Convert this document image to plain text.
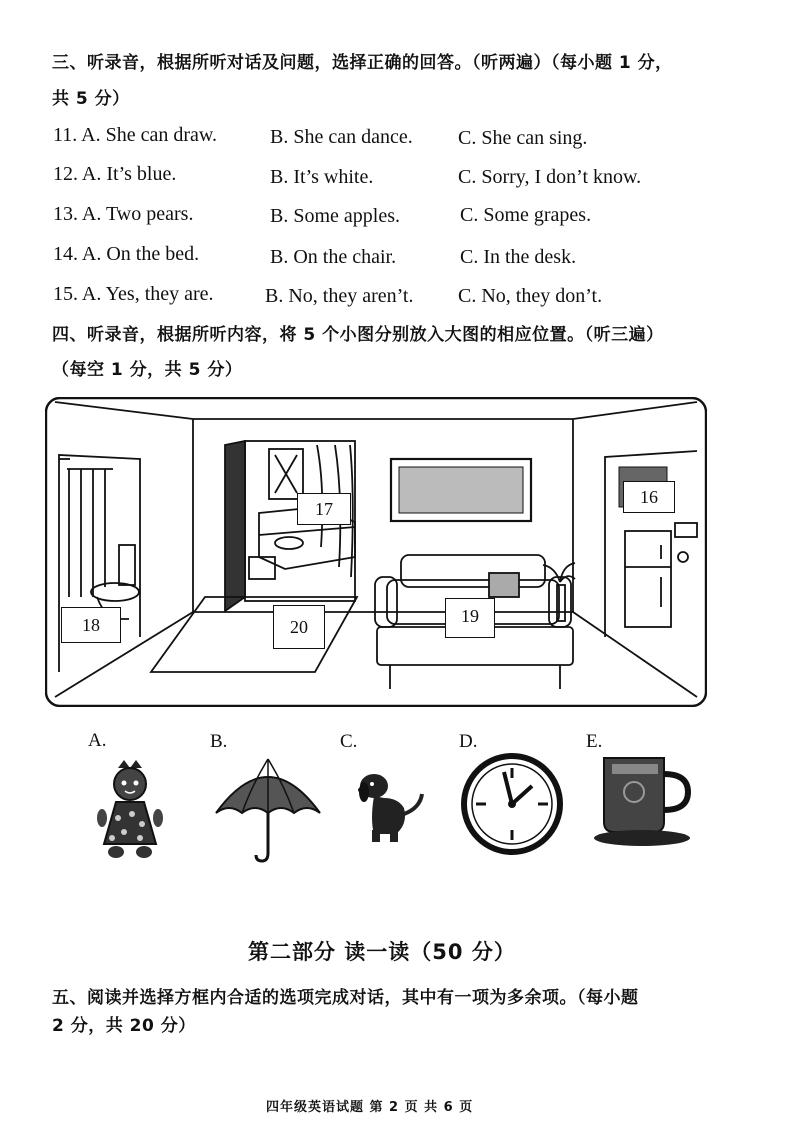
三、听录音，根据所听对话及问题，选择正确的回答。（听两遍）（每小题 1 分，
共 5 分）
11. A. She can draw.	B. She can dance. C. She can sing.
12. A. It’s blue.	B. It’s white.	C. Sorry, I don’t know.
13. A. Two pears.	B. Some apples.	C. Some grapes.
14. A. On the bed.	B. On the chair.	C. In the desk.
15. A. Yes, they are.	B. No, they aren’t. C. No, they don’t.
四、听录音，根据所听内容，将 5 个小图分别放入大图的相应位置。（听三遍）
（每空 1 分，共 5 分）
16
17
18	19
20
A.	B.	C.	D.	E.
第二部分 读一读（50 分）
五、阅读并选择方框内合适的选项完成对话，其中有一项为多余项。（每小题
2 分，共 20 分）
四年级英语试题 第 2 页 共 6 页
